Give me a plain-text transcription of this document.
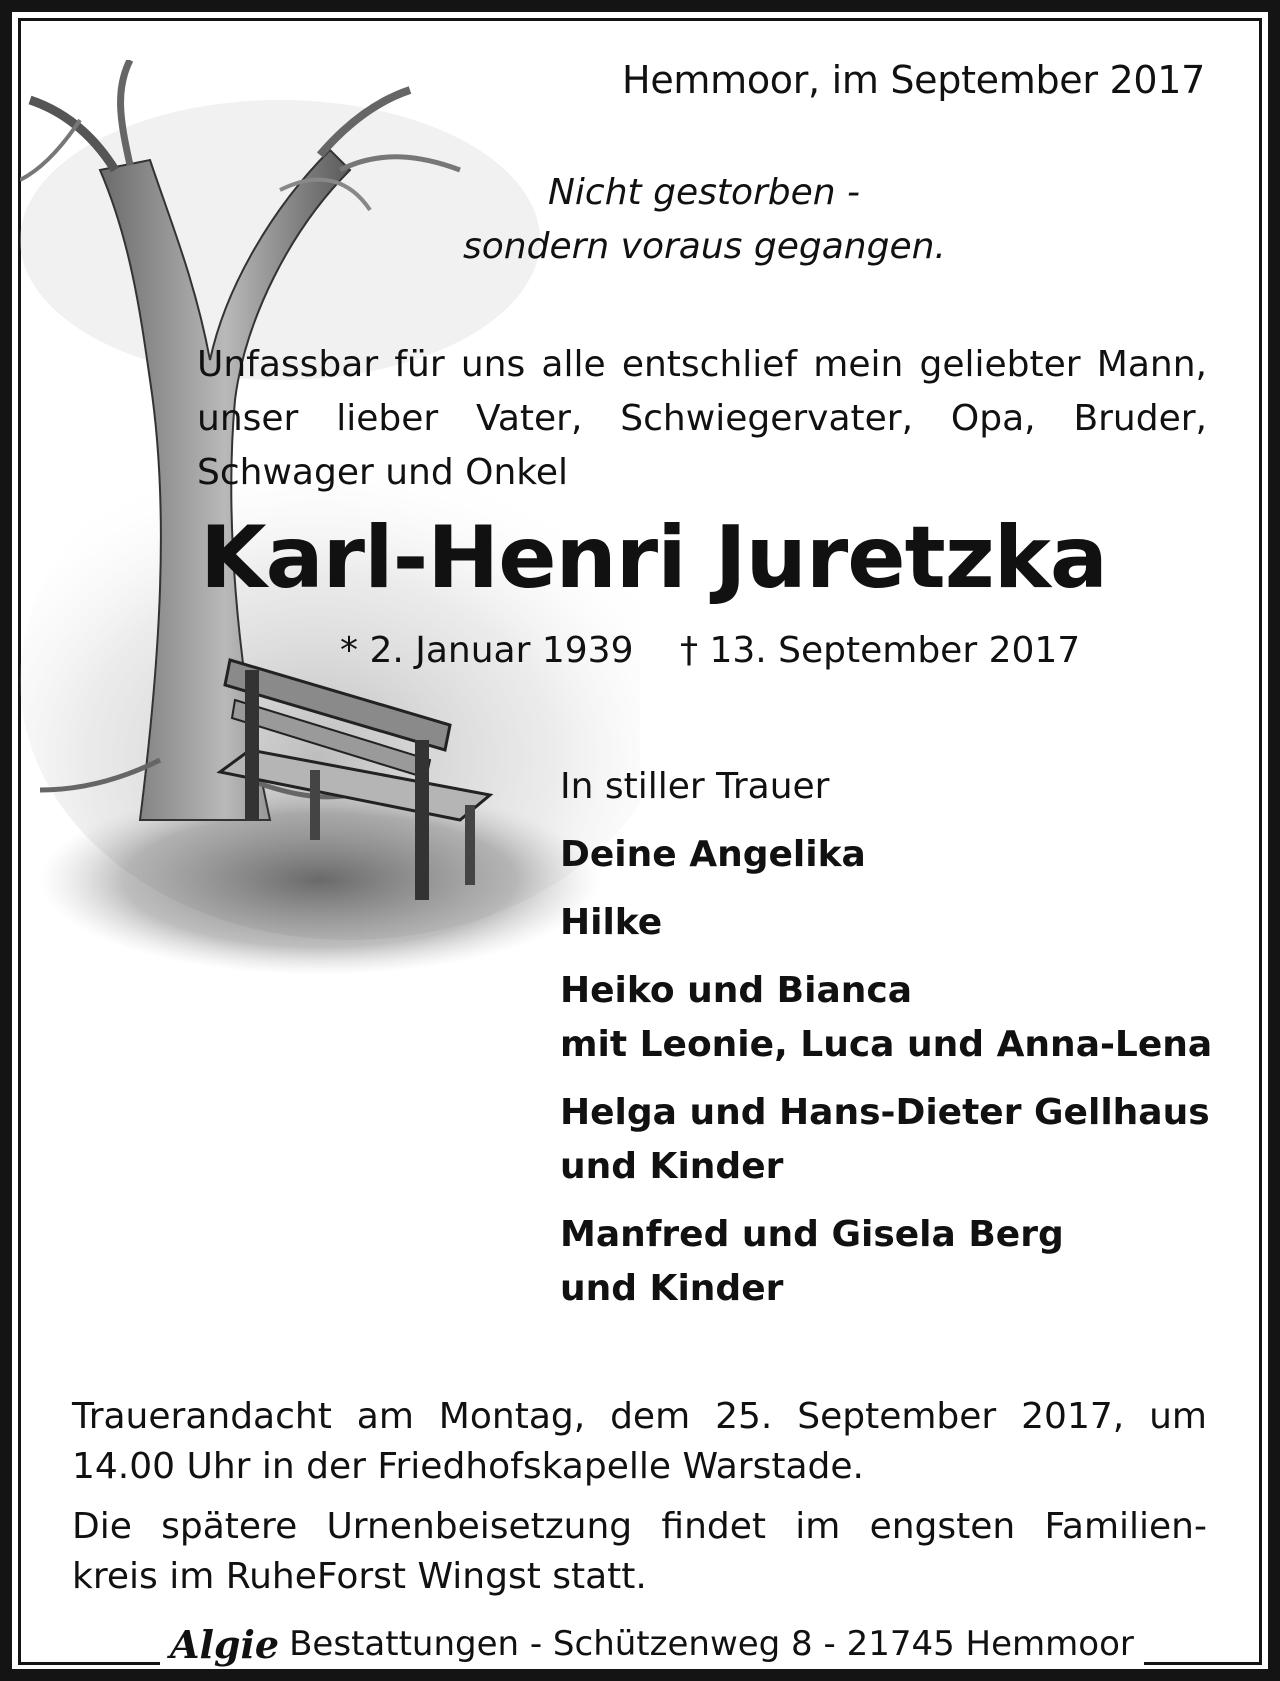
Hemmoor, im September 2017
Nicht gestorben -
sondern voraus gegangen.
Unfassbar für uns alle entschlief mein geliebter Mann,
unser lieber Vater, Schwiegervater, Opa, Bruder,
Schwager und Onkel
Karl-Henri Juretzka
* 2. Januar 1939 † 13. September 2017
In stiller Trauer
Deine Angelika
Hilke
Heiko und Bianca
mit Leonie, Luca und Anna-Lena
Helga und Hans-Dieter Gellhaus
und Kinder
Manfred und Gisela Berg
und Kinder

Trauerandacht am Montag, dem 25. September 2017, um
14.00 Uhr in der Friedhofskapelle Warstade.

Die spätere Urnenbeisetzung findet im engsten Familien-
kreis im RuheForst Wingst statt.

Algie Bestattungen - Schützenweg 8 - 21745 Hemmoor
